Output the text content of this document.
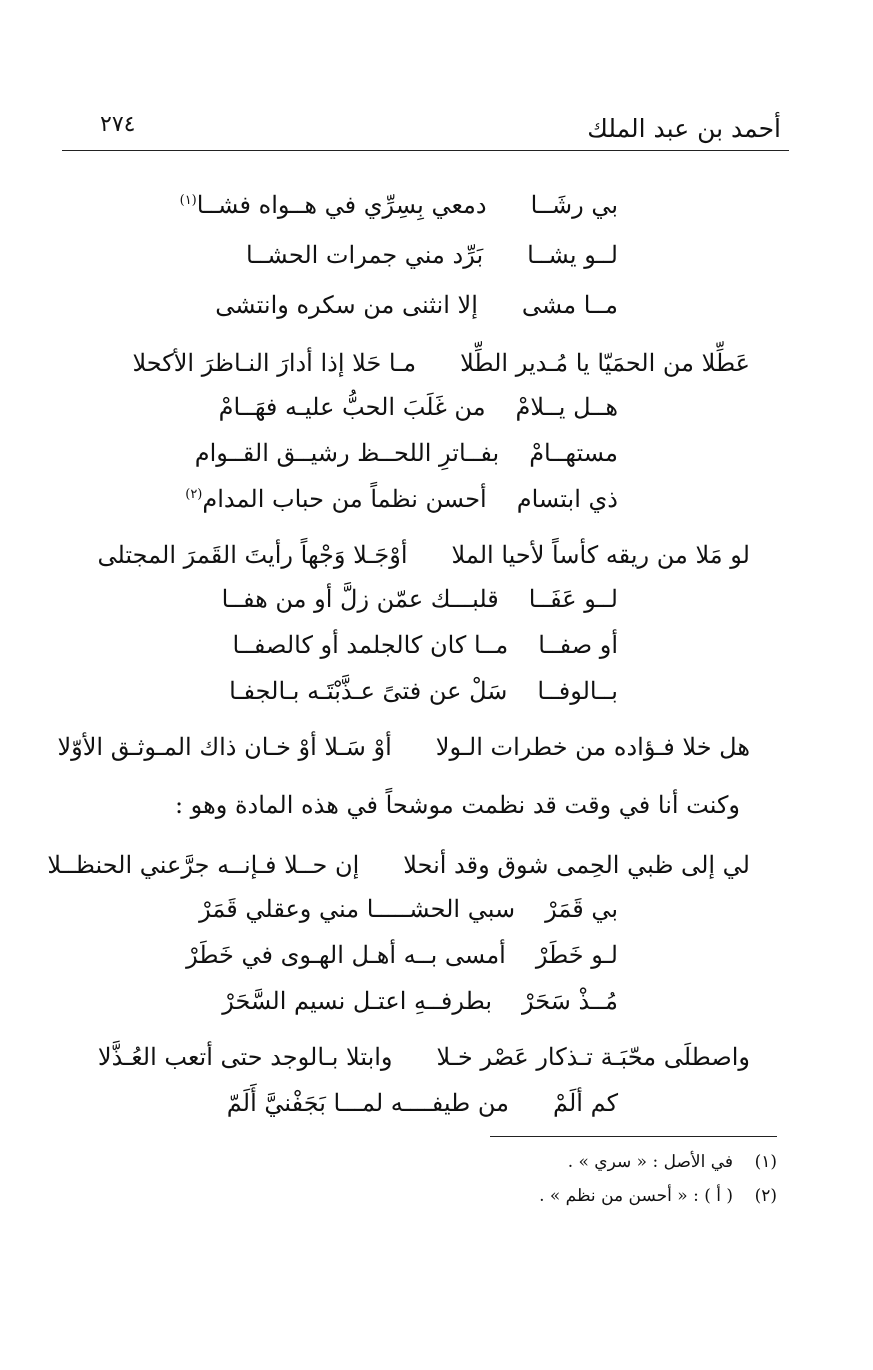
أحمد بن عبد الملك
٢٧٤
بي رشَــادمعي بِسِرِّي في هــواه فشــا$^{(١)}$
لــو يشــابَرِّد مني جمرات الحشــا
مــا مشىإلا انثنى من سكره وانتشى
عَطِّلا من الحمَيّا يا مُـدير الطِّلامـا حَلا إذا أدارَ النـاظرَ الأكحلا
هــل يــلامْمن غَلَبَ الحبُّ عليـه فهَــامْ
مستهــامْبفــاترِ اللحــظ رشيــق القــوام
ذي ابتسامأحسن نظماً من حباب المدام$^{(٢)}$
لو مَلا من ريقه كأساً لأحيا الملاأوْجَـلا وَجْهاً رأيتَ القَمرَ المجتلى
لــو عَفَــاقلبـــك عمّن زلَّ أو من هفــا
أو صفــامــا كان كالجلمد أو كالصفــا
بــالوفــاسَلْ عن فتىً عـذَّبْتَـه بـالجفـا
هل خلا فـؤاده من خطرات الـولاأوْ سَـلا أوْ خـان ذاك المـوثـق الأوّلا
وكنت أنا في وقت قد نظمت موشحاً في هذه المادة وهو :
لي إلى ظبي الحِمى شوق وقد أنحلاإن حــلا فـإنــه جرَّعني الحنظــلا
بي قَمَرْسبي الحشـــــا مني وعقلي قَمَرْ
لـو خَطَرْأمسى بــه أهـل الهـوى في خَطَرْ
مُــذْ سَحَرْبطرفــهِ اعتـل نسيم السَّحَرْ
واصطلَى محّبَـة تـذكار عَصْر خـلاوابتلا بـالوجد حتى أتعب العُـذَّلا
كم ألَمْمن طيفــــه لمـــا بَجَفْنيَّ أَلَمّ
(١)في الأصل : « سري » .
(٢)( أ ) : « أحسن من نظم » .
